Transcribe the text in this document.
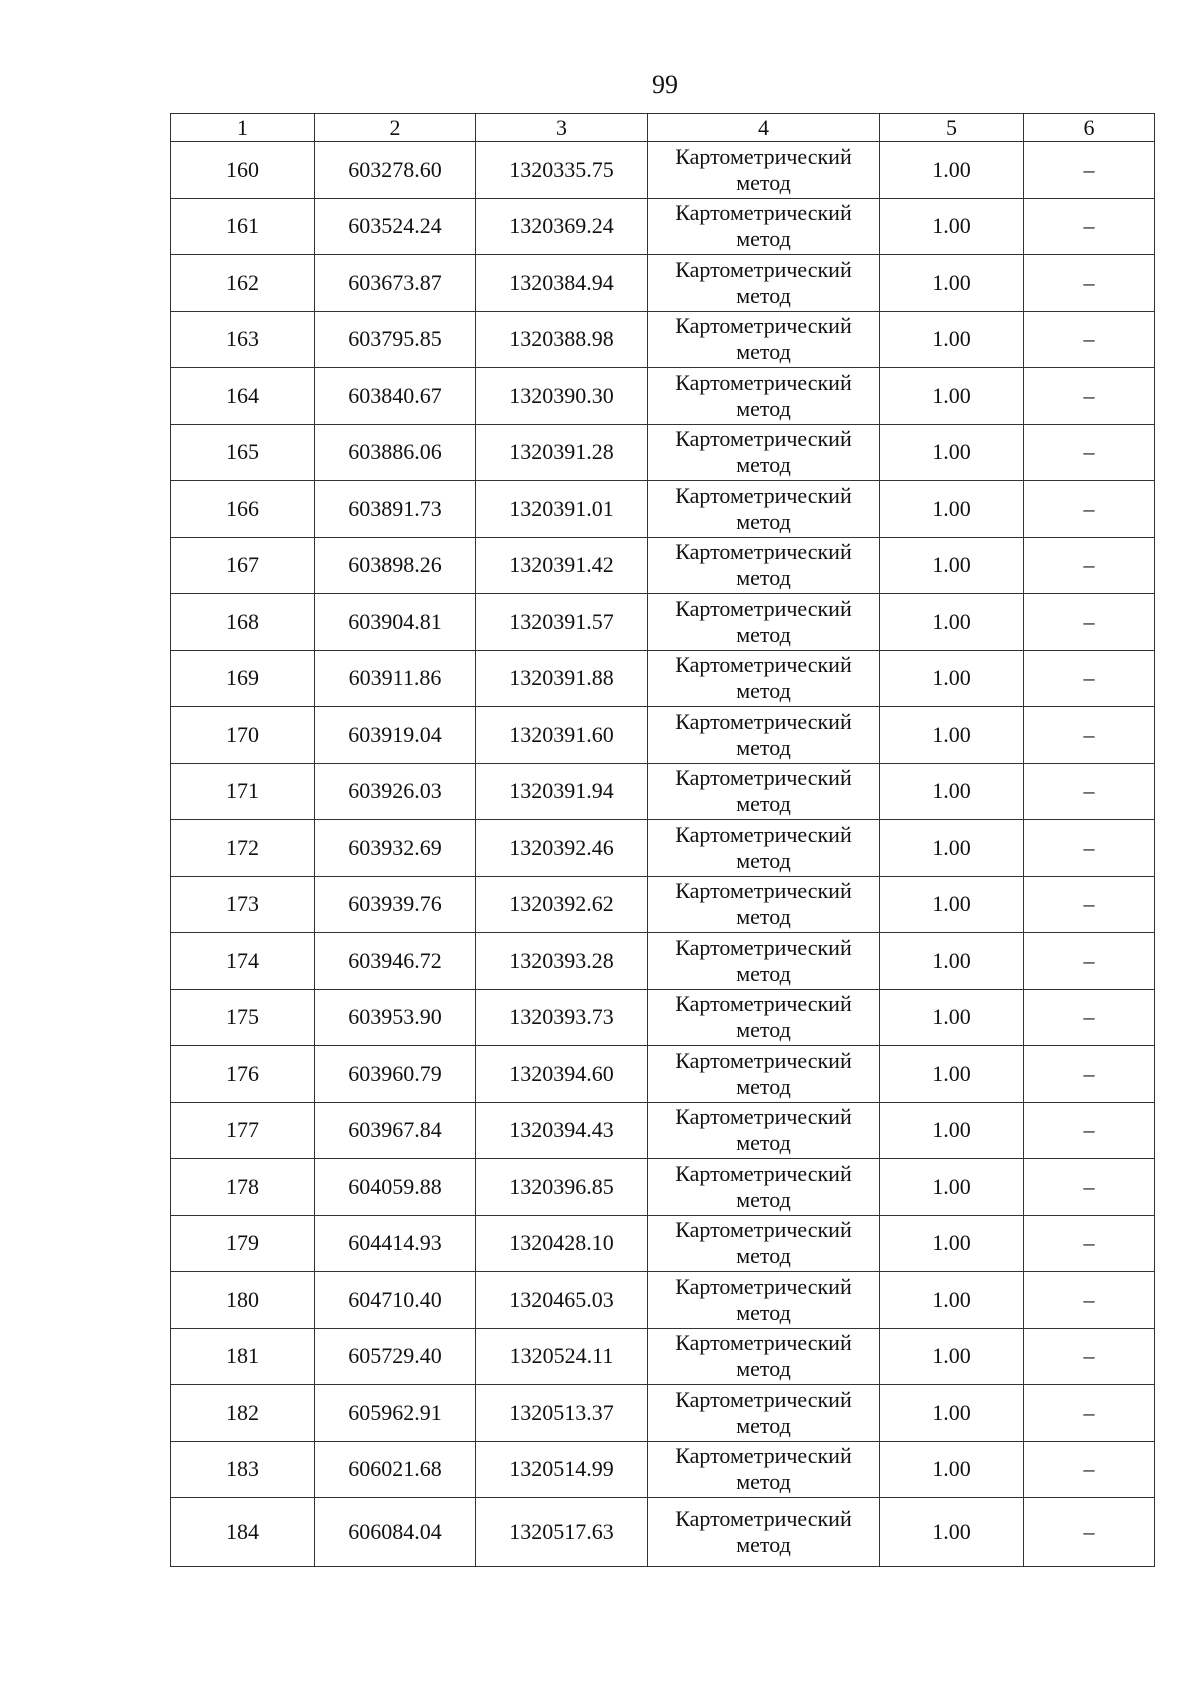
99
1	2	3	4	5	6
160	603278.60	1320335.75	Картометрический метод	1.00	–
161	603524.24	1320369.24	Картометрический метод	1.00	–
162	603673.87	1320384.94	Картометрический метод	1.00	–
163	603795.85	1320388.98	Картометрический метод	1.00	–
164	603840.67	1320390.30	Картометрический метод	1.00	–
165	603886.06	1320391.28	Картометрический метод	1.00	–
166	603891.73	1320391.01	Картометрический метод	1.00	–
167	603898.26	1320391.42	Картометрический метод	1.00	–
168	603904.81	1320391.57	Картометрический метод	1.00	–
169	603911.86	1320391.88	Картометрический метод	1.00	–
170	603919.04	1320391.60	Картометрический метод	1.00	–
171	603926.03	1320391.94	Картометрический метод	1.00	–
172	603932.69	1320392.46	Картометрический метод	1.00	–
173	603939.76	1320392.62	Картометрический метод	1.00	–
174	603946.72	1320393.28	Картометрический метод	1.00	–
175	603953.90	1320393.73	Картометрический метод	1.00	–
176	603960.79	1320394.60	Картометрический метод	1.00	–
177	603967.84	1320394.43	Картометрический метод	1.00	–
178	604059.88	1320396.85	Картометрический метод	1.00	–
179	604414.93	1320428.10	Картометрический метод	1.00	–
180	604710.40	1320465.03	Картометрический метод	1.00	–
181	605729.40	1320524.11	Картометрический метод	1.00	–
182	605962.91	1320513.37	Картометрический метод	1.00	–
183	606021.68	1320514.99	Картометрический метод	1.00	–
184	606084.04	1320517.63	Картометрический метод	1.00	–
